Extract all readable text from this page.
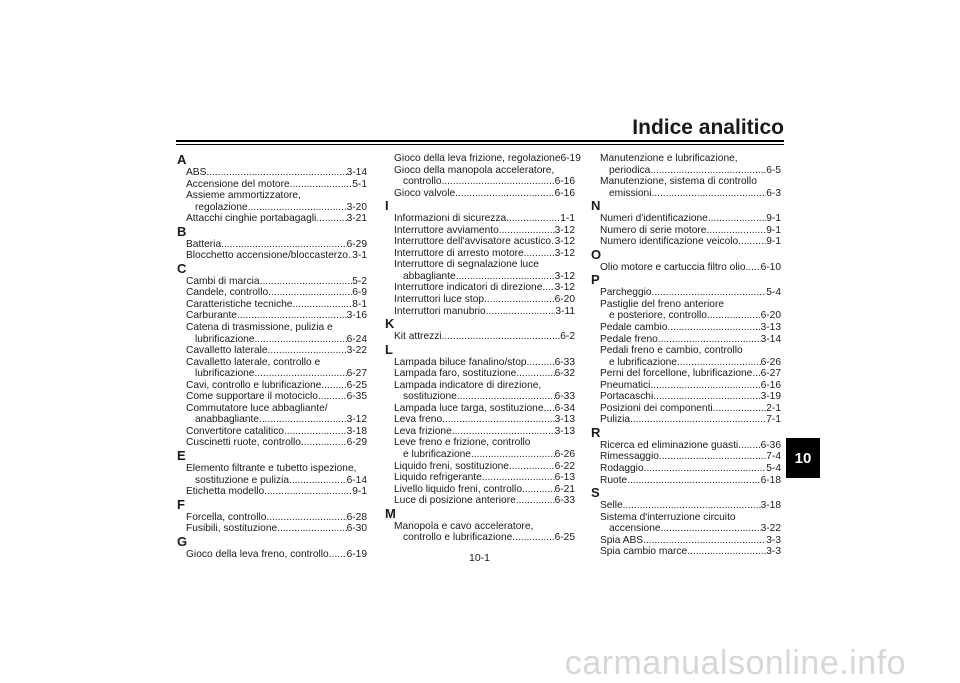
Indice analitico
A
ABS .....	3-14
Accensione del motore .....	5-1
Assieme ammortizzatore,
regolazione .....	3-20
Attacchi cinghie portabagagli .....	3-21
B
Batteria .....	6-29
Blocchetto accensione/bloccasterzo ..... 3-1
C
Cambi di marcia .....	5-2
Candele, controllo .....	6-9
Caratteristiche tecniche .....	8-1
Carburante .....	3-16
Catena di trasmissione, pulizia e
lubrificazione .....	6-24
Cavalletto laterale .....	3-22
Cavalletto laterale, controllo e
lubrificazione .....	6-27
Cavi, controllo e lubrificazione ..... 6-25
Come supportare il motociclo .....	6-35
Commutatore luce abbagliante/
anabbagliante .....	3-12
Convertitore catalitico .....	3-18
Cuscinetti ruote, controllo .....	6-29
E
Elemento filtrante e tubetto ispezione,
sostituzione e pulizia .....	6-14
Etichetta modello .....	9-1
F
Forcella, controllo .....	6-28
Fusibili, sostituzione .....	6-30
G
Gioco della leva freno, controllo ..... 6-19
Gioco della leva frizione, regolazione 6-19
Gioco della manopola acceleratore,
controllo .....	6-16
Gioco valvole .....	6-16
I
Informazioni di sicurezza .....	1-1
Interruttore avviamento .....	3-12
Interruttore dell'avvisatore acustico ..... 3-12
Interruttore di arresto motore .....	3-12
Interruttore di segnalazione luce
abbagliante .....	3-12
Interruttore indicatori di direzione ..... 3-12
Interruttori luce stop .....	6-20
Interruttori manubrio .....	3-11
K
Kit attrezzi .....	6-2
L
Lampada biluce fanalino/stop .....	6-33
Lampada faro, sostituzione .....	6-32
Lampada indicatore di direzione,
sostituzione .....	6-33
Lampada luce targa, sostituzione ..... 6-34
Leva freno .....	3-13
Leva frizione .....	3-13
Leve freno e frizione, controllo
e lubrificazione .....	6-26
Liquido freni, sostituzione .....	6-22
Liquido refrigerante .....	6-13
Livello liquido freni, controllo .....	6-21
Luce di posizione anteriore .....	6-33
M
Manopola e cavo acceleratore,
controllo e lubrificazione .....	6-25
Manutenzione e lubrificazione,
periodica .....	6-5
Manutenzione, sistema di controllo
emissioni .....	6-3
N
Numeri d'identificazione .....	9-1
Numero di serie motore .....	9-1
Numero identificazione veicolo .....	9-1
O
Olio motore e cartuccia filtro olio ..... 6-10
P
Parcheggio .....	5-4
Pastiglie del freno anteriore
e posteriore, controllo .....	6-20
Pedale cambio .....	3-13
Pedale freno .....	3-14
Pedali freno e cambio, controllo
e lubrificazione .....	6-26
Perni del forcellone, lubrificazione ..... 6-27
Pneumatici .....	6-16
Portacaschi .....	3-19
Posizioni dei componenti .....	2-1
Pulizia .....	7-1
R
Ricerca ed eliminazione guasti ..... 6-36
Rimessaggio .....	7-4
Rodaggio .....	5-4
Ruote .....	6-18
S
Selle .....	3-18
Sistema d'interruzione circuito
accensione .....	3-22
Spia ABS .....	3-3
Spia cambio marce .....	3-3
10
10-1
carmanualsonline.info
